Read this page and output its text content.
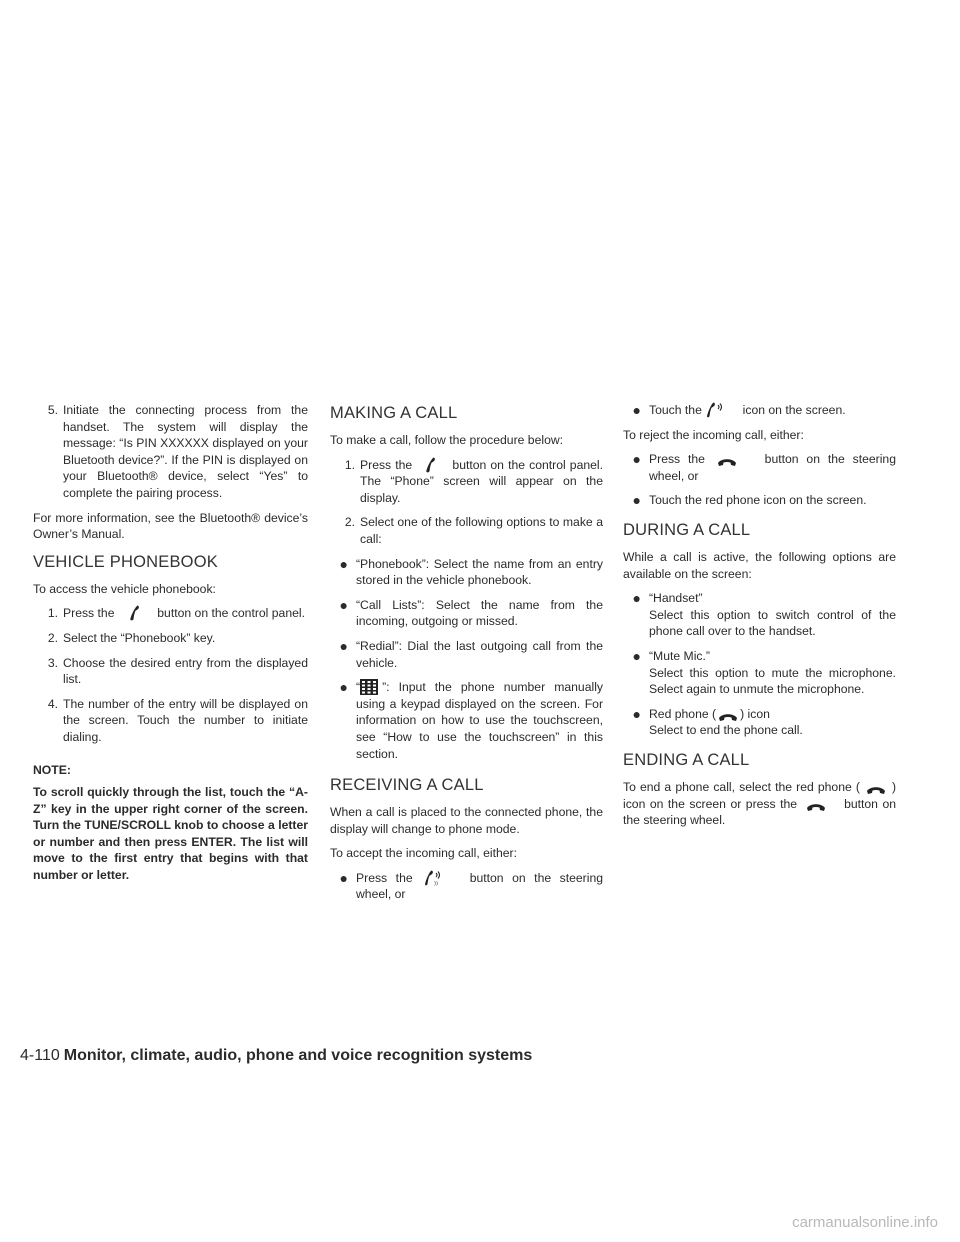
5. Initiate the connecting process from the handset. The system will display the message: “Is PIN XXXXXX displayed on your Bluetooth device?”. If the PIN is displayed on your Bluetooth® device, select “Yes” to complete the pairing process.

For more information, see the Bluetooth® device’s Owner’s Manual.

VEHICLE PHONEBOOK

To access the vehicle phonebook:

1. Press the	button on the control panel.
2. Select the “Phonebook” key.
3. Choose the desired entry from the displayed list.
4. The number of the entry will be displayed on the screen. Touch the number to initiate dialing.
NOTE:
To scroll quickly through the list, touch the “A-Z” key in the upper right corner of the screen. Turn the TUNE/SCROLL knob to choose a letter or number and then press ENTER. The list will move to the first entry that begins with that number or letter.
MAKING A CALL

To make a call, follow the procedure below:

1. Press the	button on the control panel. The “Phone” screen will appear on the display.
2. Select one of the following options to make a call:
● “Phonebook”: Select the name from an entry stored in the vehicle phonebook.
● “Call Lists”: Select the name from the incoming, outgoing or missed.
● “Redial”: Dial the last outgoing call from the vehicle.
● “ ”: Input the phone number manually using a keypad displayed on the screen. For information on how to use the touchscreen, see “How to use the touchscreen” in this section.
RECEIVING A CALL

When a call is placed to the connected phone, the display will change to phone mode.

To accept the incoming call, either:

● Press the	))	button on the steering wheel, or
● Touch the	icon on the screen.

To reject the incoming call, either:

● Press the	button on the steering wheel, or
● Touch the red phone icon on the screen.
DURING A CALL

While a call is active, the following options are available on the screen:

● “Handset”
Select this option to switch control of the phone call over to the handset.
● “Mute Mic.”
Select this option to mute the microphone. Select again to unmute the microphone.
● Red phone ( ) icon
Select to end the phone call.
ENDING A CALL

To end a phone call, select the red phone (	) icon on the screen or press the	button on the steering wheel.

4-110 Monitor, climate, audio, phone and voice recognition systems
carmanualsonline.info
